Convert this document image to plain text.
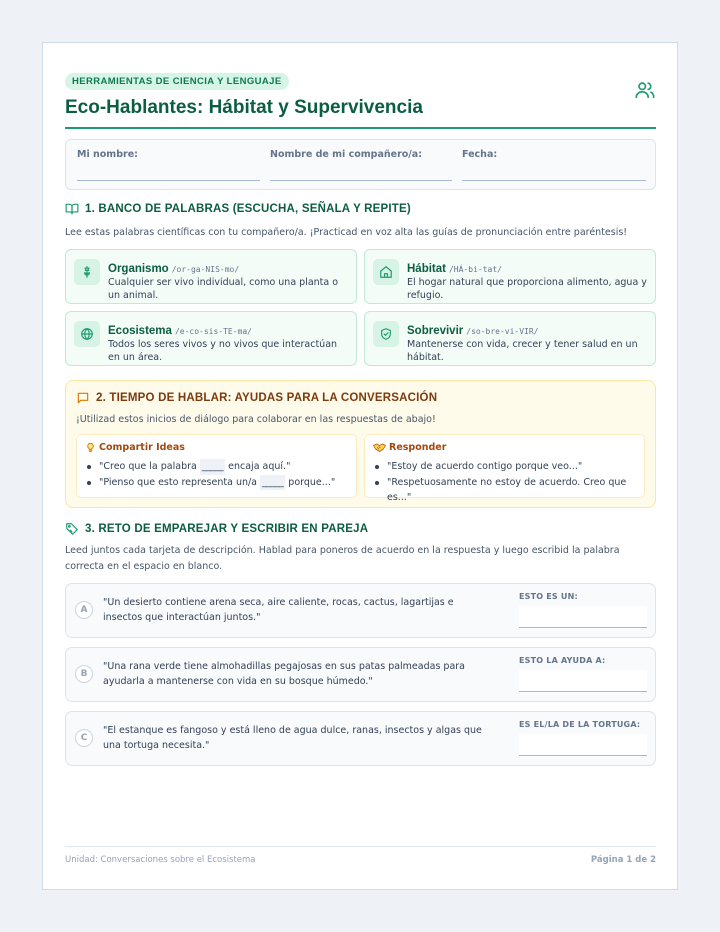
HERRAMIENTAS DE CIENCIA Y LENGUAJE
Eco-Hablantes: Hábitat y Supervivencia
Mi nombre:	Nombre de mi compañero/a:	Fecha:
1. BANCO DE PALABRAS (ESCUCHA, SEÑALA Y REPITE)
Lee estas palabras científicas con tu compañero/a. ¡Practicad en voz alta las guías de pronunciación entre paréntesis!
Organismo /or-ga-NIS-mo/
Cualquier ser vivo individual, como una planta o un animal.
Hábitat /HÁ-bi-tat/
El hogar natural que proporciona alimento, agua y refugio.
Ecosistema /e-co-sis-TE-ma/
Todos los seres vivos y no vivos que interactúan en un área.
Sobrevivir /so-bre-vi-VIR/
Mantenerse con vida, crecer y tener salud en un hábitat.
2. TIEMPO DE HABLAR: AYUDAS PARA LA CONVERSACIÓN
¡Utilizad estos inicios de diálogo para colaborar en las respuestas de abajo!
Compartir Ideas
"Creo que la palabra _____ encaja aquí."
"Pienso que esto representa un/a _____ porque..."
Responder
"Estoy de acuerdo contigo porque veo..."
"Respetuosamente no estoy de acuerdo. Creo que es..."
3. RETO DE EMPAREJAR Y ESCRIBIR EN PAREJA
Leed juntos cada tarjeta de descripción. Hablad para poneros de acuerdo en la respuesta y luego escribid la palabra correcta en el espacio en blanco.
A
"Un desierto contiene arena seca, aire caliente, rocas, cactus, lagartijas e insectos que interactúan juntos."
ESTO ES UN:
B
"Una rana verde tiene almohadillas pegajosas en sus patas palmeadas para ayudarla a mantenerse con vida en su bosque húmedo."
ESTO LA AYUDA A:
C
"El estanque es fangoso y está lleno de agua dulce, ranas, insectos y algas que una tortuga necesita."
ES EL/LA DE LA TORTUGA:
Unidad: Conversaciones sobre el Ecosistema	Página 1 de 2
